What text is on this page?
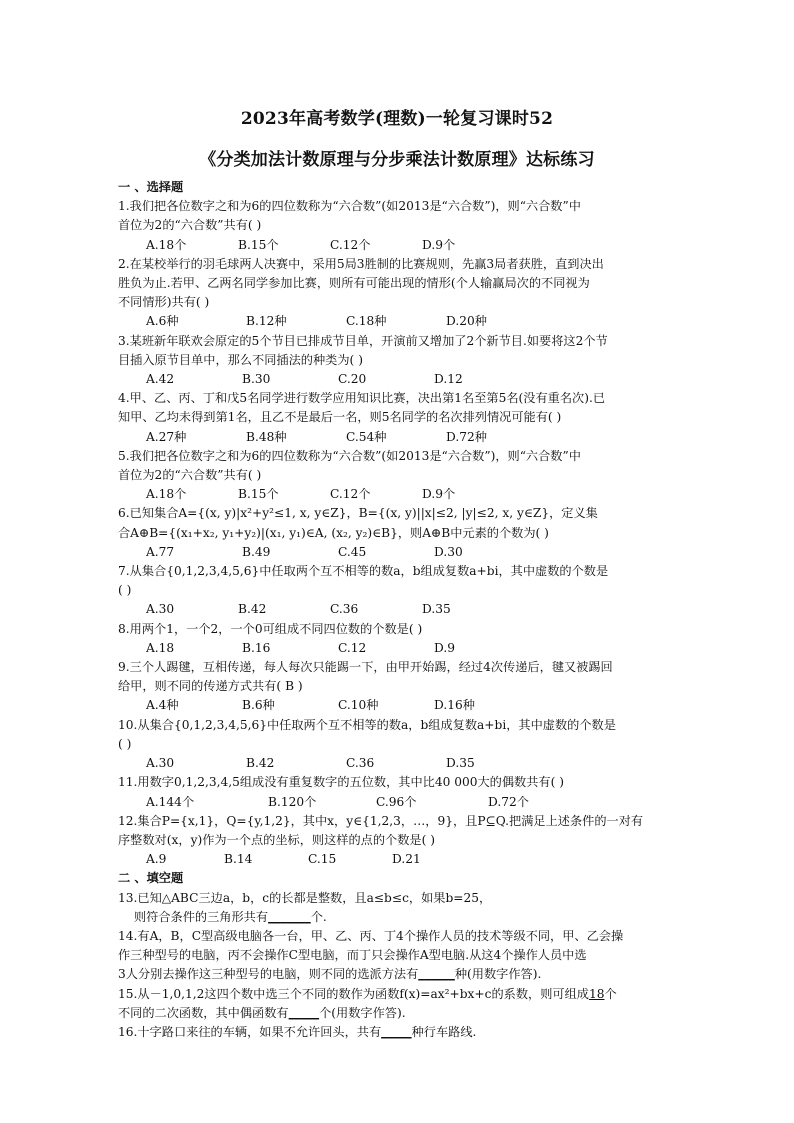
2023年高考数学(理数)一轮复习课时52
《分类加法计数原理与分步乘法计数原理》达标练习
一 、选择题
1.我们把各位数字之和为6的四位数称为“六合数”(如2013是“六合数”)，则“六合数”中
首位为2的“六合数”共有( )
A.18个	B.15个	C.12个	D.9个
2.在某校举行的羽毛球两人决赛中，采用5局3胜制的比赛规则，先赢3局者获胜，直到决出
胜负为止.若甲、乙两名同学参加比赛，则所有可能出现的情形(个人输赢局次的不同视为
不同情形)共有( )
A.6种	B.12种	C.18种	D.20种
3.某班新年联欢会原定的5个节目已排成节目单，开演前又增加了2个新节目.如要将这2个节
目插入原节目单中，那么不同插法的种类为( )
A.42	B.30	C.20	D.12
4.甲、乙、丙、丁和戊5名同学进行数学应用知识比赛，决出第1名至第5名(没有重名次).已
知甲、乙均未得到第1名，且乙不是最后一名，则5名同学的名次排列情况可能有( )
A.27种	B.48种	C.54种	D.72种
5.我们把各位数字之和为6的四位数称为“六合数”(如2013是“六合数”)，则“六合数”中
首位为2的“六合数”共有( )
A.18个	B.15个	C.12个	D.9个
6.已知集合A={(x, y)|x²+y²≤1, x, y∈Z}，B={(x, y)||x|≤2, |y|≤2, x, y∈Z}，定义集
合A⊕B={(x₁+x₂, y₁+y₂)|(x₁, y₁)∈A, (x₂, y₂)∈B}，则A⊕B中元素的个数为( )
A.77	B.49	C.45	D.30
7.从集合{0,1,2,3,4,5,6}中任取两个互不相等的数a，b组成复数a+bi，其中虚数的个数是
( )
A.30	B.42	C.36	D.35
8.用两个1，一个2，一个0可组成不同四位数的个数是( )
A.18	B.16	C.12	D.9
9.三个人踢毽，互相传递，每人每次只能踢一下，由甲开始踢，经过4次传递后，毽又被踢回
给甲，则不同的传递方式共有( B )
A.4种	B.6种	C.10种	D.16种
10.从集合{0,1,2,3,4,5,6}中任取两个互不相等的数a，b组成复数a+bi，其中虚数的个数是
( )
A.30	B.42	C.36	D.35
11.用数字0,1,2,3,4,5组成没有重复数字的五位数，其中比40 000大的偶数共有( )
A.144个	B.120个	C.96个	D.72个
12.集合P={x,1}，Q={y,1,2}，其中x，y∈{1,2,3，…，9}，且P⊆Q.把满足上述条件的一对有
序整数对(x，y)作为一个点的坐标，则这样的点的个数是( )
A.9	B.14	C.15	D.21
二 、填空题
13.已知△ABC三边a，b，c的长都是整数，且a≤b≤c，如果b=25，
则符合条件的三角形共有_______个.
14.有A，B，C型高级电脑各一台，甲、乙、丙、丁4个操作人员的技术等级不同，甲、乙会操
作三种型号的电脑，丙不会操作C型电脑，而丁只会操作A型电脑.从这4个操作人员中选
3人分别去操作这三种型号的电脑，则不同的选派方法有______种(用数字作答).
15.从－1,0,1,2这四个数中选三个不同的数作为函数f(x)=ax²+bx+c的系数，则可组成18个
不同的二次函数，其中偶函数有_____个(用数字作答).
16.十字路口来往的车辆，如果不允许回头，共有_____种行车路线.
